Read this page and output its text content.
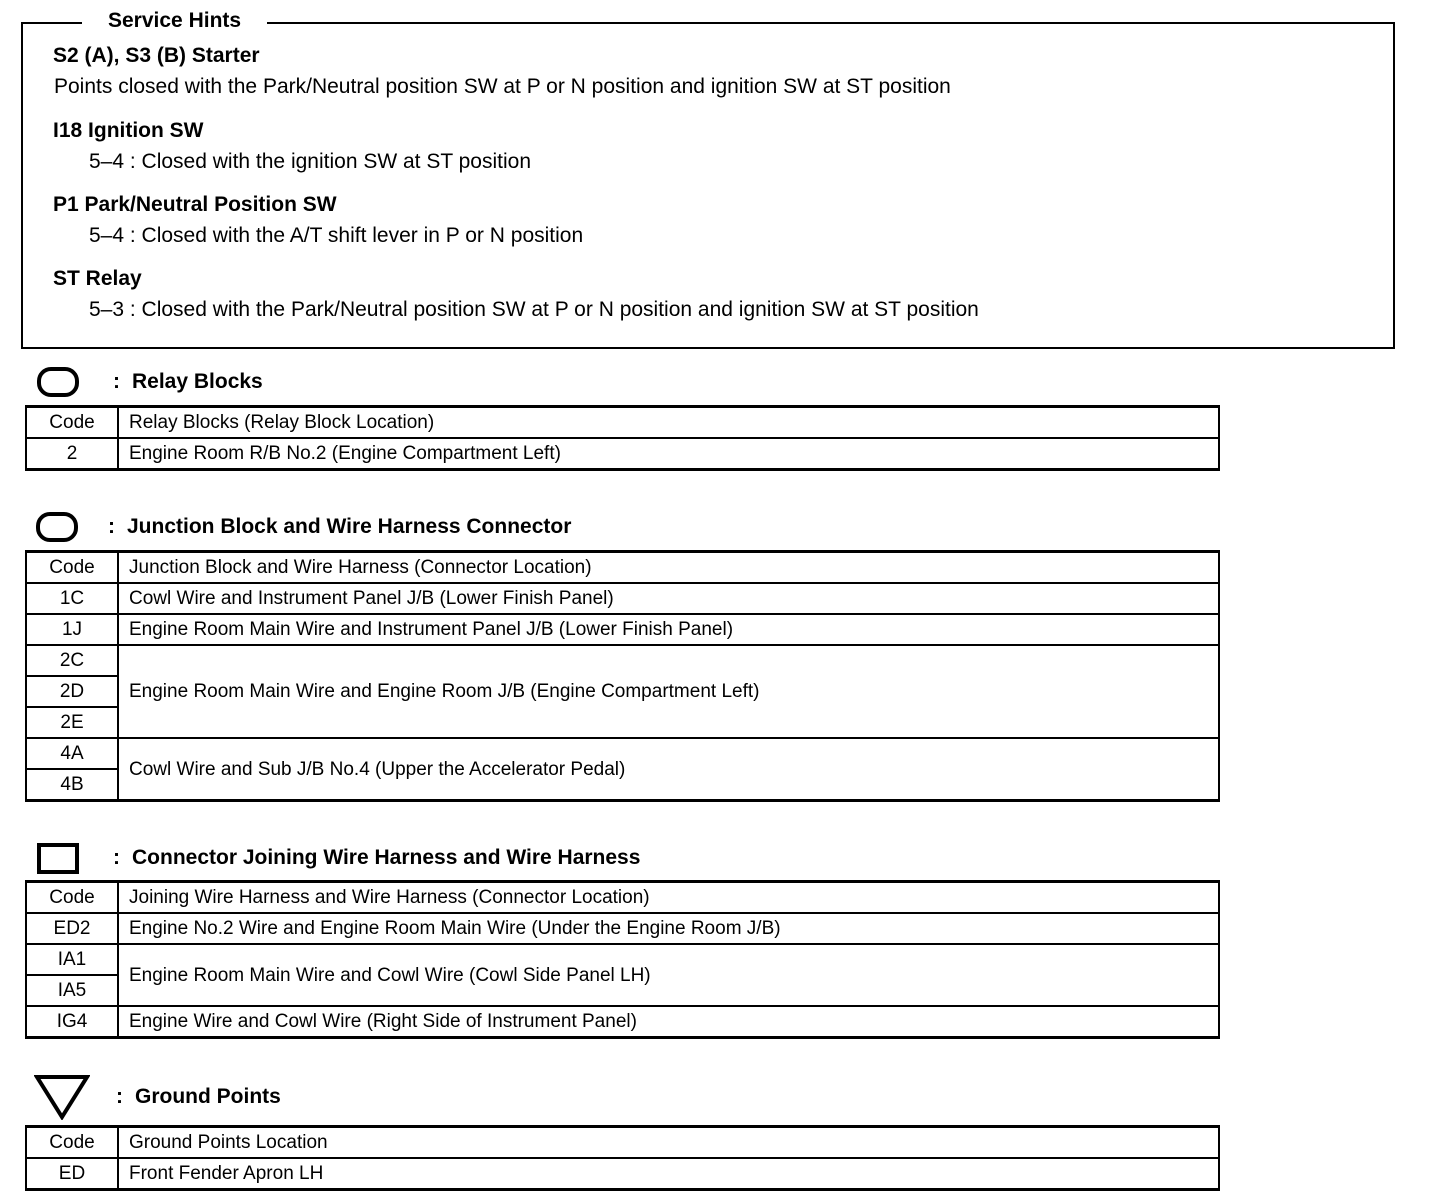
Service Hints
S2 (A), S3 (B) Starter
Points closed with the Park/Neutral position SW at P or N position and ignition SW at ST position
I18 Ignition SW
5–4 : Closed with the ignition SW at ST position
P1 Park/Neutral Position SW
5–4 : Closed with the A/T shift lever in P or N position
ST Relay
5–3 : Closed with the Park/Neutral position SW at P or N position and ignition SW at ST position
: Relay Blocks
Code	Relay Blocks (Relay Block Location)
2	Engine Room R/B No.2 (Engine Compartment Left)
: Junction Block and Wire Harness Connector
Code	Junction Block and Wire Harness (Connector Location)
1C	Cowl Wire and Instrument Panel J/B (Lower Finish Panel)
1J	Engine Room Main Wire and Instrument Panel J/B (Lower Finish Panel)
2C	Engine Room Main Wire and Engine Room J/B (Engine Compartment Left)
2D	
2E	
4A	Cowl Wire and Sub J/B No.4 (Upper the Accelerator Pedal)
4B	
: Connector Joining Wire Harness and Wire Harness
Code	Joining Wire Harness and Wire Harness (Connector Location)
ED2	Engine No.2 Wire and Engine Room Main Wire (Under the Engine Room J/B)
IA1	Engine Room Main Wire and Cowl Wire (Cowl Side Panel LH)
IA5	
IG4	Engine Wire and Cowl Wire (Right Side of Instrument Panel)
: Ground Points
Code	Ground Points Location
ED	Front Fender Apron LH
